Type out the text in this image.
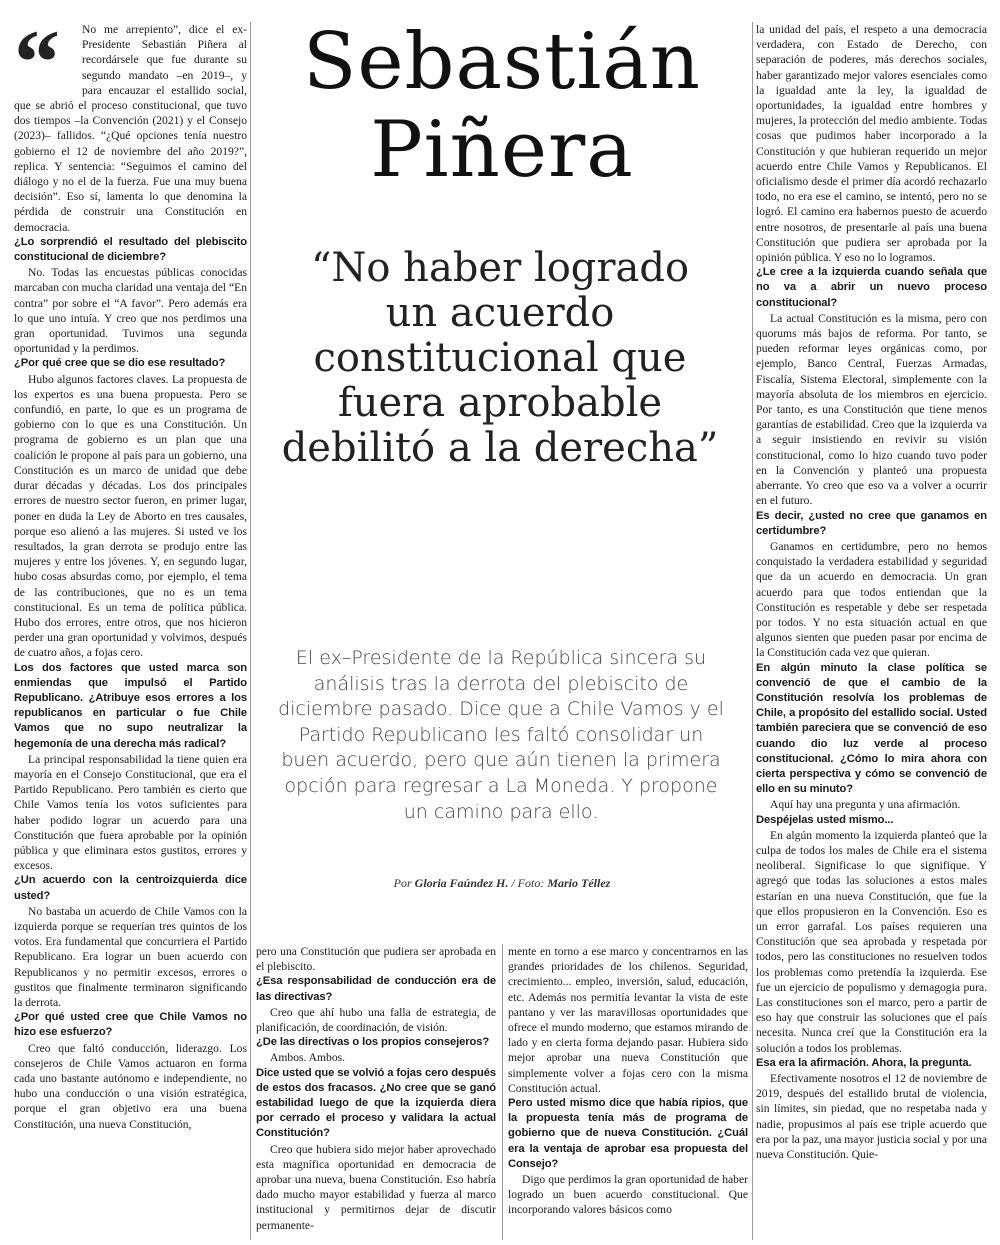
Sebastián
Piñera
“No haber logrado un acuerdo constitucional que fuera aprobable debilitó a la derecha”
El ex–Presidente de la República sincera su análisis tras la derrota del plebiscito de diciembre pasado. Dice que a Chile Vamos y el Partido Republicano les faltó consolidar un buen acuerdo, pero que aún tienen la primera opción para regresar a La Moneda. Y propone un camino para ello.
Por Gloria Faúndez H. / Foto: Mario Téllez
“	No me arrepiento”, dice el ex-Presidente Sebastián Piñera al recordársele que fue durante su segundo mandato –en 2019–, y para encauzar el estallido social, que se abrió el proceso constitucional, que tuvo dos tiempos –la Convención (2021) y el Consejo (2023)– fallidos. “¿Qué opciones tenía nuestro gobierno el 12 de noviembre del año 2019?”, replica. Y sentencia: “Seguimos el camino del diálogo y no el de la fuerza. Fue una muy buena decisión”. Eso sí, lamenta lo que denomina la pérdida de construir una Constitución en democracia.

¿Lo sorprendió el resultado del plebiscito constitucional de diciembre?

No. Todas las encuestas públicas conocidas marcaban con mucha claridad una ventaja del “En contra” por sobre el “A favor”. Pero además era lo que uno intuía. Y creo que nos perdimos una gran oportunidad. Tuvimos una segunda oportunidad y la perdimos.

¿Por qué cree que se dio ese resultado?

Hubo algunos factores claves. La propuesta de los expertos es una buena propuesta. Pero se confundió, en parte, lo que es un programa de gobierno con lo que es una Constitución. Un programa de gobierno es un plan que una coalición le propone al país para un gobierno, una Constitución es un marco de unidad que debe durar décadas y décadas. Los dos principales errores de nuestro sector fueron, en primer lugar, poner en duda la Ley de Aborto en tres causales, porque eso alienó a las mujeres. Si usted ve los resultados, la gran derrota se produjo entre las mujeres y entre los jóvenes. Y, en segundo lugar, hubo cosas absurdas como, por ejemplo, el tema de las contribuciones, que no es un tema constitucional. Es un tema de política pública. Hubo dos errores, entre otros, que nos hicieron perder una gran oportunidad y volvimos, después de cuatro años, a fojas cero.

Los dos factores que usted marca son enmiendas que impulsó el Partido Republicano. ¿Atribuye esos errores a los republicanos en particular o fue Chile Vamos que no supo neutralizar la hegemonía de una derecha más radical?

La principal responsabilidad la tiene quien era mayoría en el Consejo Constitucional, que era el Partido Republicano. Pero también es cierto que Chile Vamos tenía los votos suficientes para haber podido lograr un acuerdo para una Constitución que fuera aprobable por la opinión pública y que eliminara estos gustitos, errores y excesos.

¿Un acuerdo con la centroizquierda dice usted?

No bastaba un acuerdo de Chile Vamos con la izquierda porque se requerían tres quintos de los votos. Era fundamental que concurriera el Partido Republicano. Era lograr un buen acuerdo con Republicanos y no permitir excesos, errores o gustitos que finalmente terminaron significando la derrota.

¿Por qué usted cree que Chile Vamos no hizo ese esfuerzo?

Creo que faltó conducción, liderazgo. Los consejeros de Chile Vamos actuaron en forma cada uno bastante autónomo e independiente, no hubo una conducción o una visión estratégica, porque el gran objetivo era una buena Constitución, una nueva Constitución,

pero una Constitución que pudiera ser aprobada en el plebiscito.

¿Esa responsabilidad de conducción era de las directivas?

Creo que ahí hubo una falla de estrategia, de planificación, de coordinación, de visión.

¿De las directivas o los propios consejeros?

Ambos. Ambos.

Dice usted que se volvió a fojas cero después de estos dos fracasos. ¿No cree que se ganó estabilidad luego de que la izquierda diera por cerrado el proceso y validara la actual Constitución?

Creo que hubiera sido mejor haber aprovechado esta magnífica oportunidad en democracia de aprobar una nueva, buena Constitución. Eso habría dado mucho mayor estabilidad y fuerza al marco institucional y permitirnos dejar de discutir permanente-

mente en torno a ese marco y concentrarnos en las grandes prioridades de los chilenos. Seguridad, crecimiento... empleo, inversión, salud, educación, etc. Además nos permitía levantar la vista de este pantano y ver las maravillosas oportunidades que ofrece el mundo moderno, que estamos mirando de lado y en cierta forma dejando pasar. Hubiera sido mejor aprobar una nueva Constitución que simplemente volver a fojas cero con la misma Constitución actual.

Pero usted mismo dice que había ripios, que la propuesta tenía más de programa de gobierno que de nueva Constitución. ¿Cuál era la ventaja de aprobar esa propuesta del Consejo?

Digo que perdimos la gran oportunidad de haber logrado un buen acuerdo constitucional. Que incorporando valores básicos como

la unidad del país, el respeto a una democracia verdadera, con Estado de Derecho, con separación de poderes, más derechos sociales, haber garantizado mejor valores esenciales como la igualdad ante la ley, la igualdad de oportunidades, la igualdad entre hombres y mujeres, la protección del medio ambiente. Todas cosas que pudimos haber incorporado a la Constitución y que hubieran requerido un mejor acuerdo entre Chile Vamos y Republicanos. El oficialismo desde el primer día acordó rechazarlo todo, no era ese el camino, se intentó, pero no se logró. El camino era habernos puesto de acuerdo entre nosotros, de presentarle al país una buena Constitución que pudiera ser aprobada por la opinión pública. Y eso no lo logramos.

¿Le cree a la izquierda cuando señala que no va a abrir un nuevo proceso constitucional?

La actual Constitución es la misma, pero con quorums más bajos de reforma. Por tanto, se pueden reformar leyes orgánicas como, por ejemplo, Banco Central, Fuerzas Armadas, Fiscalía, Sistema Electoral, simplemente con la mayoría absoluta de los miembros en ejercicio. Por tanto, es una Constitución que tiene menos garantías de estabilidad. Creo que la izquierda va a seguir insistiendo en revivir su visión constitucional, como lo hizo cuando tuvo poder en la Convención y planteó una propuesta aberrante. Yo creo que eso va a volver a ocurrir en el futuro.

Es decir, ¿usted no cree que ganamos en certidumbre?

Ganamos en certidumbre, pero no hemos conquistado la verdadera estabilidad y seguridad que da un acuerdo en democracia. Un gran acuerdo para que todos entiendan que la Constitución es respetable y debe ser respetada por todos. Y no esta situación actual en que algunos sienten que pueden pasar por encima de la Constitución cada vez que quieran.

En algún minuto la clase política se convenció de que el cambio de la Constitución resolvía los problemas de Chile, a propósito del estallido social. Usted también pareciera que se convenció de eso cuando dio luz verde al proceso constitucional. ¿Cómo lo mira ahora con cierta perspectiva y cómo se convenció de ello en su minuto?

Aquí hay una pregunta y una afirmación.

Despéjelas usted mismo...

En algún momento la izquierda planteó que la culpa de todos los males de Chile era el sistema neoliberal. Significase lo que signifique. Y agregó que todas las soluciones a estos males estarían en una nueva Constitución, que fue la que ellos propusieron en la Convención. Eso es un error garrafal. Los países requieren una Constitución que sea aprobada y respetada por todos, pero las constituciones no resuelven todos los problemas como pretendía la izquierda. Ese fue un ejercicio de populismo y demagogia pura. Las constituciones son el marco, pero a partir de eso hay que construir las soluciones que el país necesita. Nunca creí que la Constitución era la solución a todos los problemas.

Esa era la afirmación. Ahora, la pregunta.

Efectivamente nosotros el 12 de noviembre de 2019, después del estallido brutal de violencia, sin límites, sin piedad, que no respetaba nada y nadie, propusimos al país ese triple acuerdo que era por la paz, una mayor justicia social y por una nueva Constitución. Quie-
